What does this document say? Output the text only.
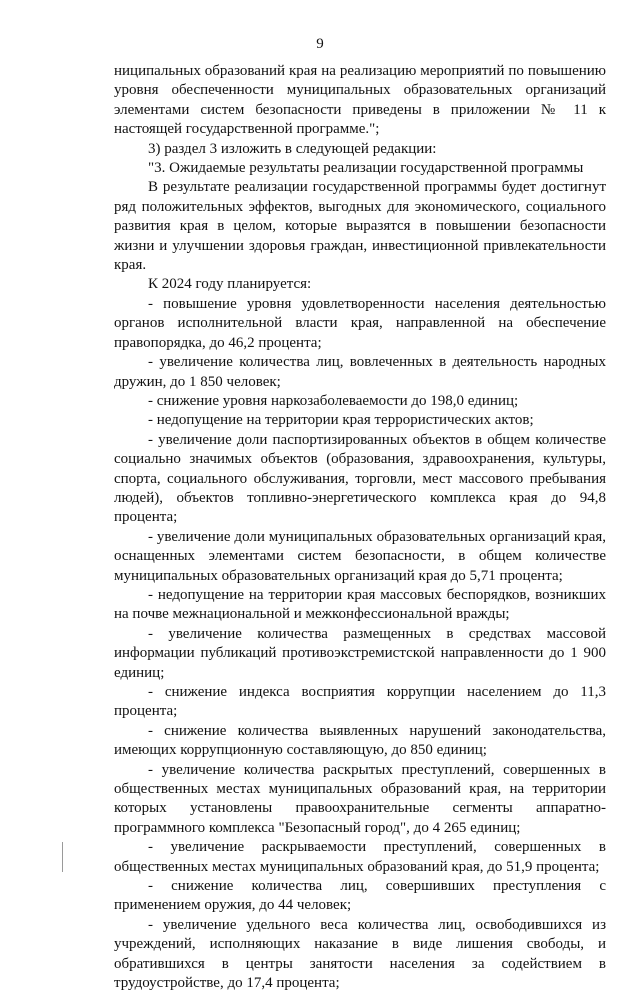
9

ниципальных образований края на реализацию мероприятий по повышению уровня обеспеченности муниципальных образовательных организаций элементами систем безопасности приведены в приложении № 11 к настоящей государственной программе.";

3) раздел 3 изложить в следующей редакции:

"3. Ожидаемые результаты реализации государственной программы

В результате реализации государственной программы будет достигнут ряд положительных эффектов, выгодных для экономического, социального развития края в целом, которые выразятся в повышении безопасности жизни и улучшении здоровья граждан, инвестиционной привлекательности края.

К 2024 году планируется:

- повышение уровня удовлетворенности населения деятельностью органов исполнительной власти края, направленной на обеспечение правопорядка, до 46,2 процента;

- увеличение количества лиц, вовлеченных в деятельность народных дружин, до 1 850 человек;

- снижение уровня наркозаболеваемости до 198,0 единиц;

- недопущение на территории края террористических актов;

- увеличение доли паспортизированных объектов в общем количестве социально значимых объектов (образования, здравоохранения, культуры, спорта, социального обслуживания, торговли, мест массового пребывания людей), объектов топливно-энергетического комплекса края до 94,8 процента;

- увеличение доли муниципальных образовательных организаций края, оснащенных элементами систем безопасности, в общем количестве муниципальных образовательных организаций края до 5,71 процента;

- недопущение на территории края массовых беспорядков, возникших на почве межнациональной и межконфессиональной вражды;

- увеличение количества размещенных в средствах массовой информации публикаций противоэкстремистской направленности до 1 900 единиц;

- снижение индекса восприятия коррупции населением до 11,3 процента;

- снижение количества выявленных нарушений законодательства, имеющих коррупционную составляющую, до 850 единиц;

- увеличение количества раскрытых преступлений, совершенных в общественных местах муниципальных образований края, на территории которых установлены правоохранительные сегменты аппаратно-программного комплекса "Безопасный город", до 4 265 единиц;

- увеличение раскрываемости преступлений, совершенных в общественных местах муниципальных образований края, до 51,9 процента;

- снижение количества лиц, совершивших преступления с применением оружия, до 44 человек;

- увеличение удельного веса количества лиц, освободившихся из учреждений, исполняющих наказание в виде лишения свободы, и обратившихся в центры занятости населения за содействием в трудоустройстве, до 17,4 процента;
